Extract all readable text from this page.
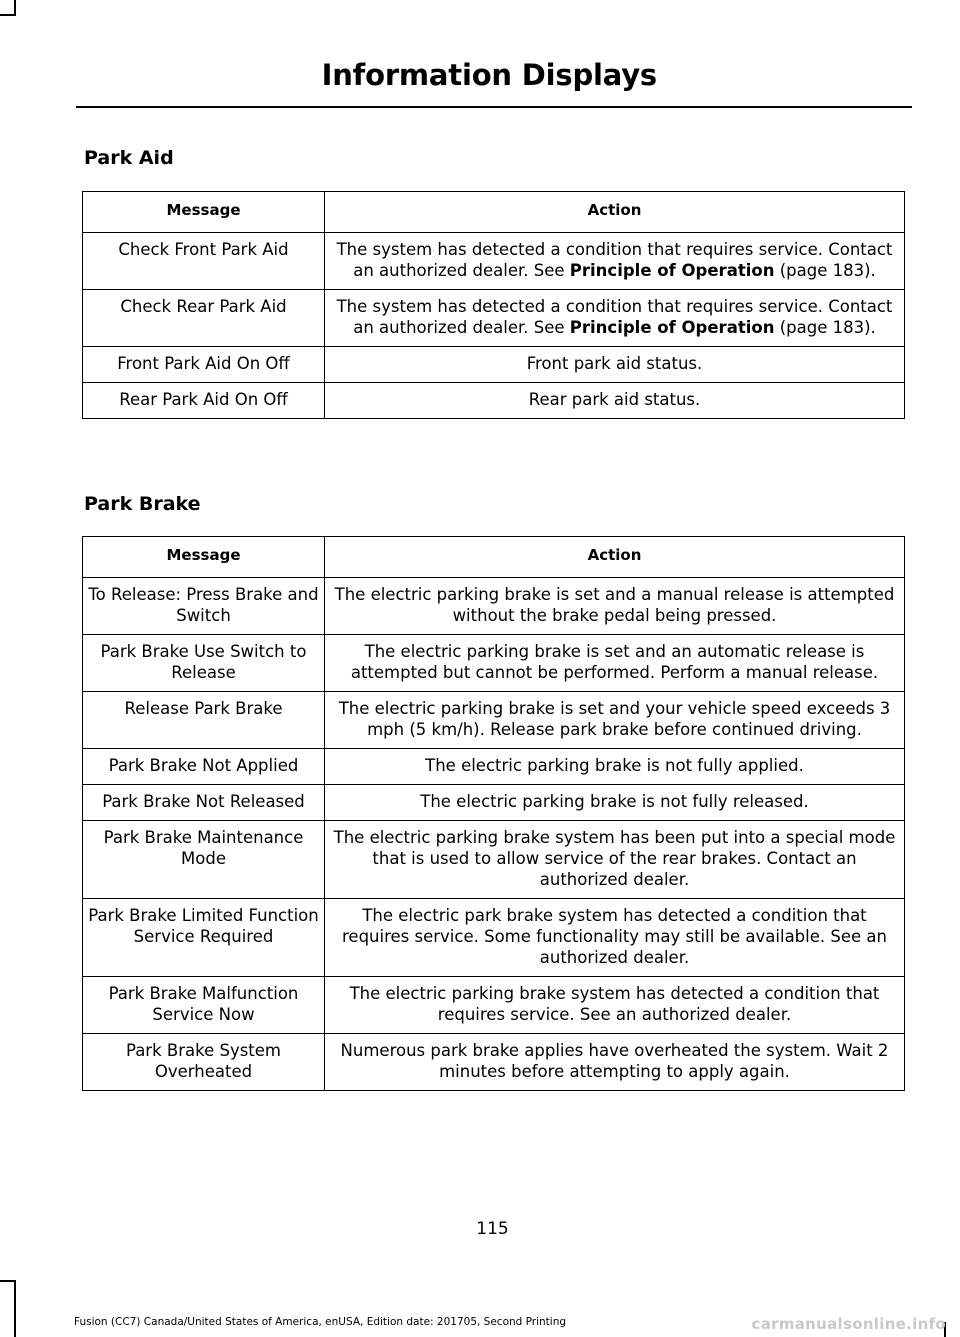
Information Displays
Park Aid
Message	Action
Check Front Park Aid	The system has detected a condition that requires service. Contact an authorized dealer. See Principle of Operation (page 183).
Check Rear Park Aid	The system has detected a condition that requires service. Contact an authorized dealer. See Principle of Operation (page 183).
Front Park Aid On Off	Front park aid status.
Rear Park Aid On Off	Rear park aid status.
Park Brake
Message	Action
To Release: Press Brake and Switch	The electric parking brake is set and a manual release is attempted without the brake pedal being pressed.
Park Brake Use Switch to Release	The electric parking brake is set and an automatic release is attempted but cannot be performed. Perform a manual release.
Release Park Brake	The electric parking brake is set and your vehicle speed exceeds 3 mph (5 km/h). Release park brake before continued driving.
Park Brake Not Applied	The electric parking brake is not fully applied.
Park Brake Not Released	The electric parking brake is not fully released.
Park Brake Maintenance Mode	The electric parking brake system has been put into a special mode that is used to allow service of the rear brakes. Contact an authorized dealer.
Park Brake Limited Function Service Required	The electric park brake system has detected a condition that requires service. Some functionality may still be available. See an authorized dealer.
Park Brake Malfunction Service Now	The electric parking brake system has detected a condition that requires service. See an authorized dealer.
Park Brake System Overheated	Numerous park brake applies have overheated the system. Wait 2 minutes before attempting to apply again.
115
Fusion (CC7) Canada/United States of America, enUSA, Edition date: 201705, Second Printing	carmanualsonline.info
